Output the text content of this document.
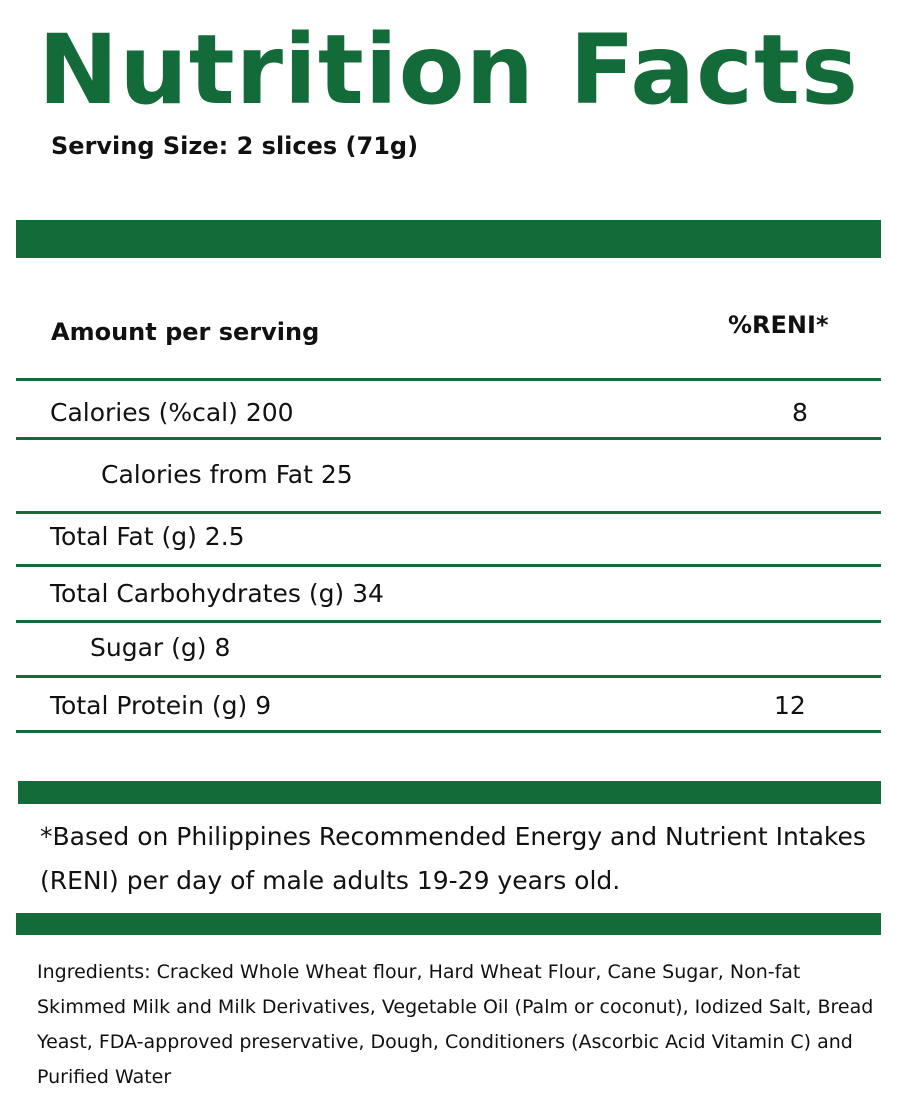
Nutrition Facts
Serving Size: 2 slices (71g)
Amount per serving	%RENI*
Calories (%cal) 200	8
Calories from Fat 25
Total Fat (g) 2.5
Total Carbohydrates (g) 34
Sugar (g) 8
Total Protein (g) 9	12
*Based on Philippines Recommended Energy and Nutrient Intakes (RENI) per day of male adults 19-29 years old.
Ingredients: Cracked Whole Wheat flour, Hard Wheat Flour, Cane Sugar, Non-fat Skimmed Milk and Milk Derivatives, Vegetable Oil (Palm or coconut), Iodized Salt, Bread Yeast, FDA-approved preservative, Dough, Conditioners (Ascorbic Acid Vitamin C) and Purified Water
